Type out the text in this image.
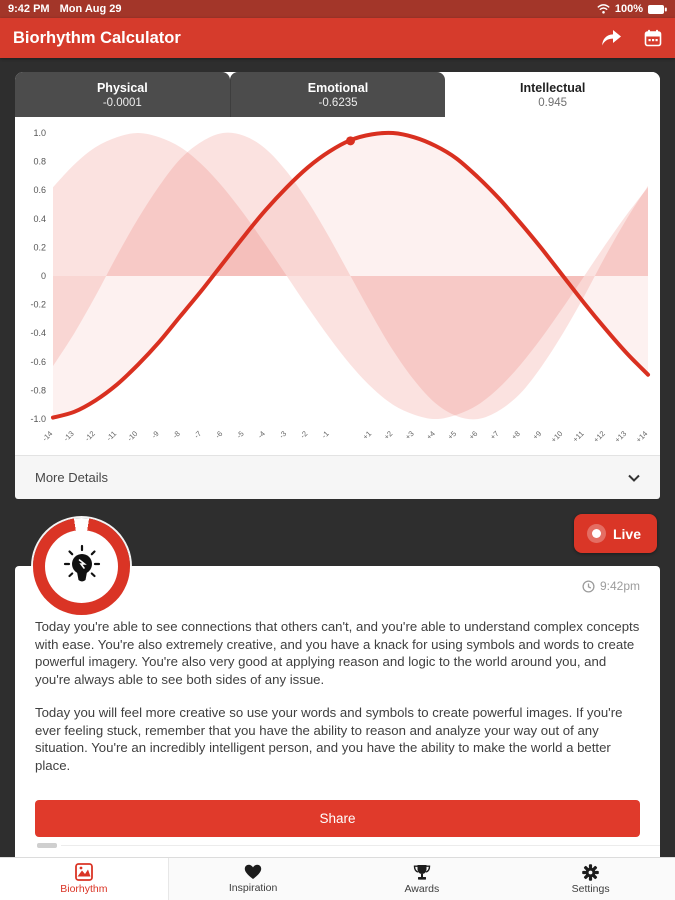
9:42 PM Mon Aug 29	100%
Biorhythm Calculator
Physical
-0.0001
Emotional
-0.6235
Intellectual
0.945
1.0
0.8
0.6
0.4
0.2
0
-0.2
-0.4
-0.6
-0.8
-1.0
-14 -13 -12 -11 -10 -9 -8 -7 -6 -5 -4 -3 -2 -1	+1 +2 +3 +4 +5 +6 +7 +8 +9 +10 +11 +12 +13 +14
More Details
Live
9:42pm

Today you're able to see connections that others can't, and you're able to understand complex concepts with ease. You're also extremely creative, and you have a knack for using symbols and words to create powerful imagery. You're also very good at applying reason and logic to the world around you, and you're always able to see both sides of any issue.

Today you will feel more creative so use your words and symbols to create powerful images. If you're ever feeling stuck, remember that you have the ability to reason and analyze your way out of any situation. You're an incredibly intelligent person, and you have the ability to make the world a better place.

Share
Biorhythm	Inspiration	Awards	Settings
